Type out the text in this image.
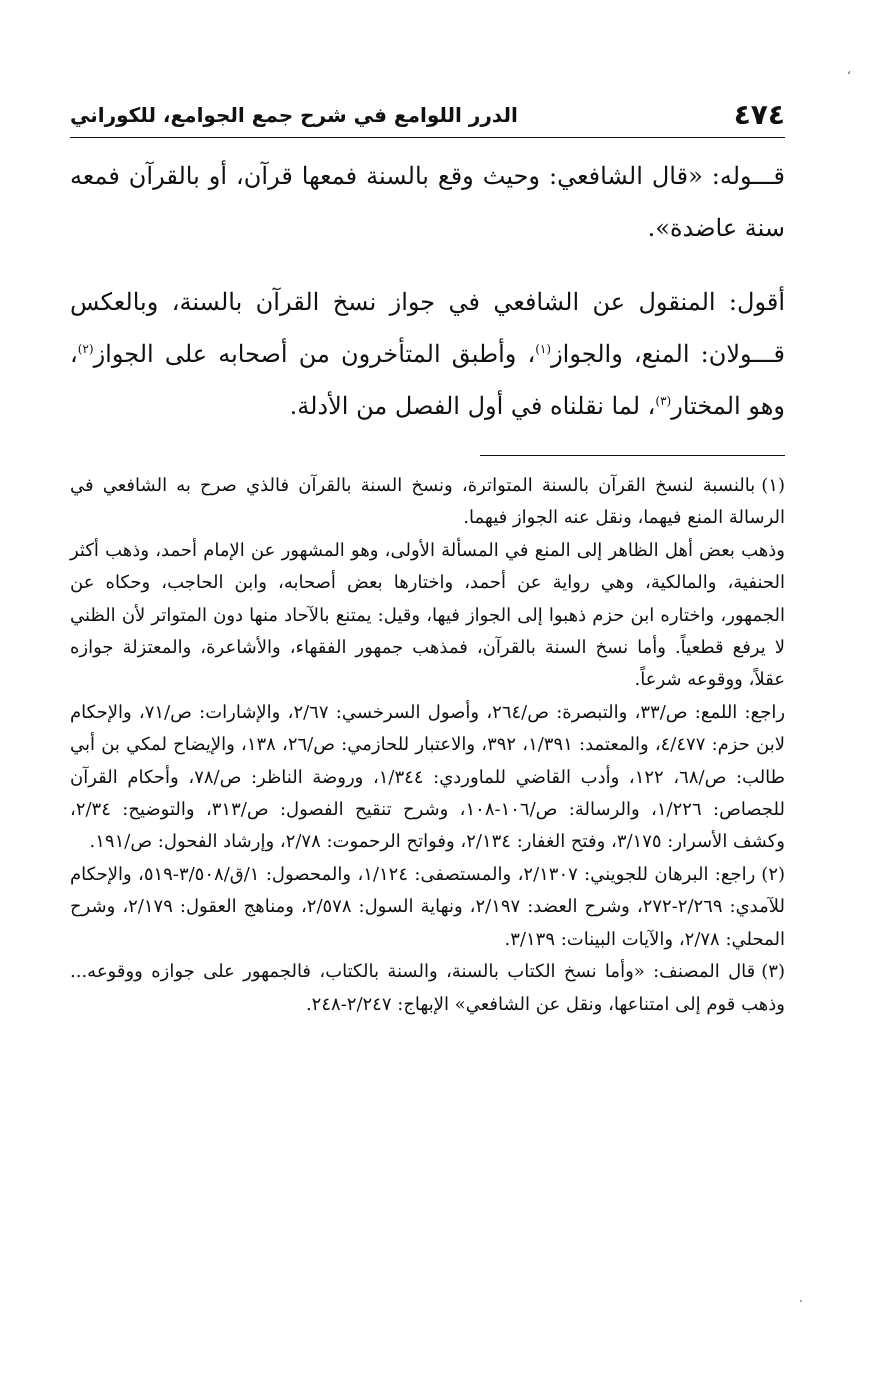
٤٧٤
الدرر اللوامع في شرح جمع الجوامع، للكوراني
،

قـــوله: «قال الشافعي: وحيث وقع بالسنة فمعها قرآن، أو بالقرآن فمعه سنة عاضدة».

أقول: المنقول عن الشافعي في جواز نسخ القرآن بالسنة، وبالعكس قـــولان: المنع، والجواز$^{(١)}$، وأطبق المتأخرون من أصحابه على الجواز$^{(٢)}$، وهو المختار$^{(٣)}$، لما نقلناه في أول الفصل من الأدلة.

(١)بالنسبة لنسخ القرآن بالسنة المتواترة، ونسخ السنة بالقرآن فالذي صرح به الشافعي في الرسالة المنع فيهما، ونقل عنه الجواز فيهما.

وذهب بعض أهل الظاهر إلى المنع في المسألة الأولى، وهو المشهور عن الإمام أحمد، وذهب أكثر الحنفية، والمالكية، وهي رواية عن أحمد، واختارها بعض أصحابه، وابن الحاجب، وحكاه عن الجمهور، واختاره ابن حزم ذهبوا إلى الجواز فيها، وقيل: يمتنع بالآحاد منها دون المتواتر لأن الظني لا يرفع قطعياً. وأما نسخ السنة بالقرآن، فمذهب جمهور الفقهاء، والأشاعرة، والمعتزلة جوازه عقلاً، ووقوعه شرعاً.

راجع: اللمع: ص/٣٣، والتبصرة: ص/٢٦٤، وأصول السرخسي: ٢/٦٧، والإشارات: ص/٧١، والإحكام لابن حزم: ٤/٤٧٧، والمعتمد: ١/٣٩١، ٣٩٢، والاعتبار للحازمي: ص/٢٦، ١٣٨، والإيضاح لمكي بن أبي طالب: ص/٦٨، ١٢٢، وأدب القاضي للماوردي: ١/٣٤٤، وروضة الناظر: ص/٧٨، وأحكام القرآن للجصاص: ١/٢٢٦، والرسالة: ص/١٠٦-١٠٨، وشرح تنقيح الفصول: ص/٣١٣، والتوضيح: ٢/٣٤، وكشف الأسرار: ٣/١٧٥، وفتح الغفار: ٢/١٣٤، وفواتح الرحموت: ٢/٧٨، وإرشاد الفحول: ص/١٩١.

(٢)راجع: البرهان للجويني: ٢/١٣٠٧، والمستصفى: ١/١٢٤، والمحصول: ١/ق/٣/٥٠٨-٥١٩، والإحكام للآمدي: ٢/٢٦٩-٢٧٢، وشرح العضد: ٢/١٩٧، ونهاية السول: ٢/٥٧٨، ومناهج العقول: ٢/١٧٩، وشرح المحلي: ٢/٧٨، والآيات البينات: ٣/١٣٩.

(٣)قال المصنف: «وأما نسخ الكتاب بالسنة، والسنة بالكتاب، فالجمهور على جوازه ووقوعه... وذهب قوم إلى امتناعها، ونقل عن الشافعي» الإبهاج: ٢/٢٤٧-٢٤٨.
